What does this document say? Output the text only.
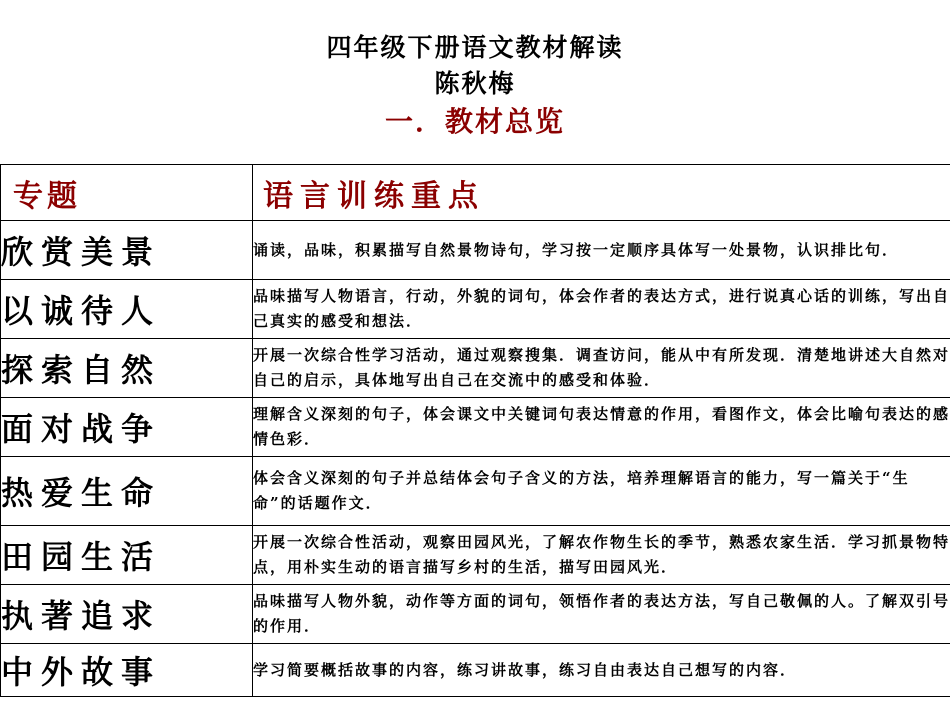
四年级下册语文教材解读
陈秋梅
一．教材总览
专题	语言训练重点
欣赏美景	诵读，品味，积累描写自然景物诗句，学习按一定顺序具体写一处景物，认识排比句．
以诚待人	品味描写人物语言，行动，外貌的词句，体会作者的表达方式，进行说真心话的训练，写出自己真实的感受和想法．
探索自然	开展一次综合性学习活动，通过观察搜集．调查访问，能从中有所发现．清楚地讲述大自然对自己的启示，具体地写出自己在交流中的感受和体验．
面对战争	理解含义深刻的句子，体会课文中关键词句表达情意的作用，看图作文，体会比喻句表达的感情色彩．
热爱生命	体会含义深刻的句子并总结体会句子含义的方法，培养理解语言的能力，写一篇关于“生命”的话题作文．
田园生活	开展一次综合性活动，观察田园风光，了解农作物生长的季节，熟悉农家生活．学习抓景物特点，用朴实生动的语言描写乡村的生活，描写田园风光．
执著追求	品味描写人物外貌，动作等方面的词句，领悟作者的表达方法，写自己敬佩的人。了解双引号的作用．
中外故事	学习简要概括故事的内容，练习讲故事，练习自由表达自己想写的内容．
